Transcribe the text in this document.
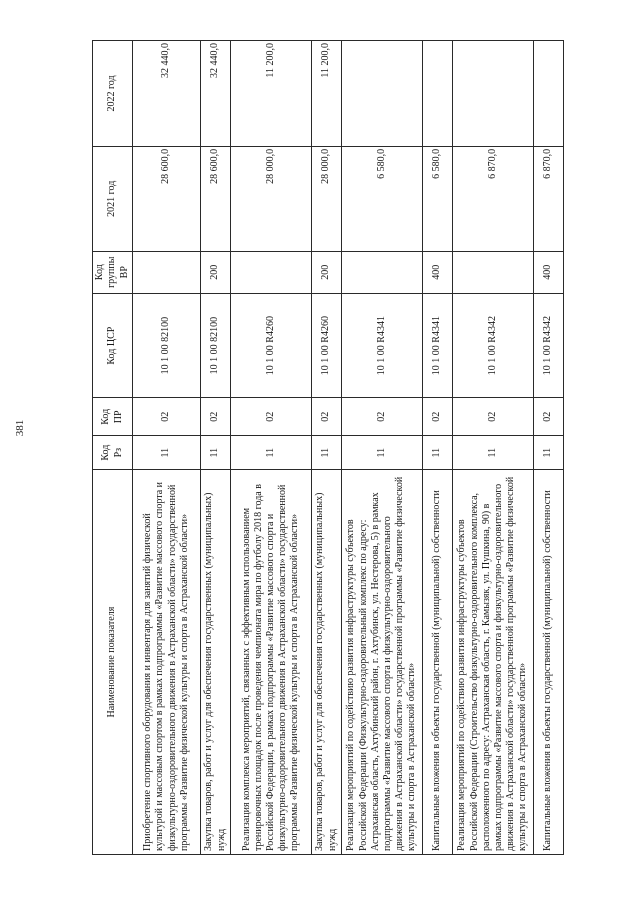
381
Наименование показателя	Код Рз	Код ПР	Код ЦСР	Код группы ВР	2021 год	2022 год
Приобретение спортивного оборудования и инвентаря для занятий физической культурой и массовым спортом в рамках подпрограммы «Развитие массового спорта и физкультурно-оздоровительного движения в Астраханской области» государственной программы «Развитие физической культуры и спорта в Астраханской области»	11	02	10 1 00 82100		28 600,0	32 440,0
Закупка товаров, работ и услуг для обеспечения государственных (муниципальных) нужд	11	02	10 1 00 82100	200	28 600,0	32 440,0
Реализация комплекса мероприятий, связанных с эффективным использованием тренировочных площадок после проведения чемпионата мира по футболу 2018 года в Российской Федерации, в рамках подпрограммы «Развитие массового спорта и физкультурно-оздоровительного движения в Астраханской области» государственной программы «Развитие физической культуры и спорта в Астраханской области»	11	02	10 1 00 R4260		28 000,0	11 200,0
Закупка товаров, работ и услуг для обеспечения государственных (муниципальных) нужд	11	02	10 1 00 R4260	200	28 000,0	11 200,0
Реализация мероприятий по содействию развития инфраструктуры субъектов Российской Федерации (Физкультурно-оздоровительный комплекс по адресу: Астраханская область, Ахтубинский район, г. Ахтубинск, ул. Нестерова, 5) в рамках подпрограммы «Развитие массового спорта и физкультурно-оздоровительного движения в Астраханской области» государственной программы «Развитие физической культуры и спорта в Астраханской области»	11	02	10 1 00 R4341		6 580,0	
Капитальные вложения в объекты государственной (муниципальной) собственности	11	02	10 1 00 R4341	400	6 580,0	
Реализация мероприятий по содействию развития инфраструктуры субъектов Российской Федерации (Строительство физкультурно-оздоровительного комплекса, расположенного по адресу: Астраханская область, г. Камызяк, ул. Пушкина, 90) в рамках подпрограммы «Развитие массового спорта и физкультурно-оздоровительного движения в Астраханской области» государственной программы «Развитие физической культуры и спорта в Астраханской области»	11	02	10 1 00 R4342		6 870,0	
Капитальные вложения в объекты государственной (муниципальной) собственности	11	02	10 1 00 R4342	400	6 870,0	
